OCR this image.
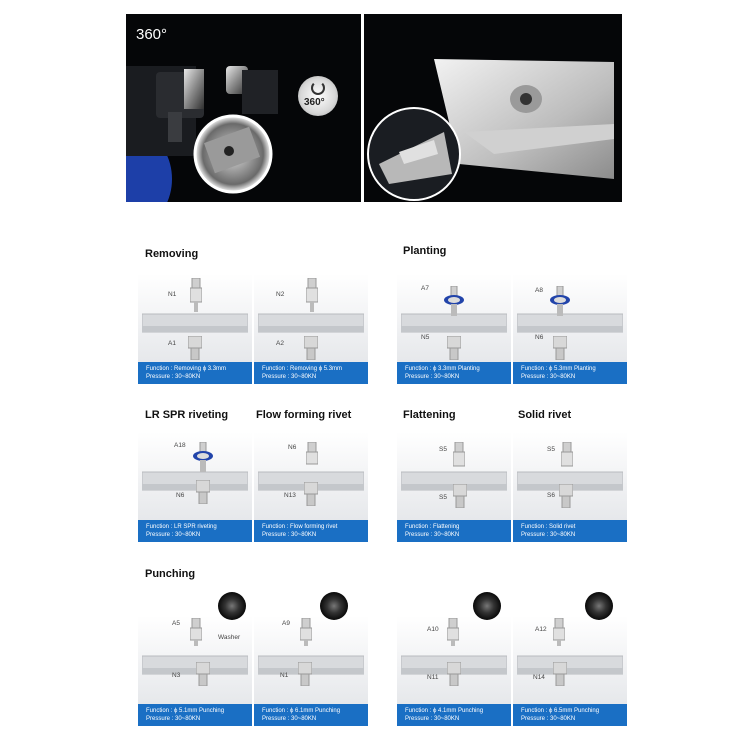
360°
360°
Removing	Planting
LR SPR riveting	Flow forming rivet	Flattening	Solid rivet
Punching
N1
A1
Function : Removing ϕ 3.3mm
Pressure : 30~80KN
N2
A2
Function : Removing ϕ 5.3mm
Pressure : 30~80KN
A7
N5
Function : ϕ 3.3mm Planting
Pressure : 30~80KN
A8
N6
Function : ϕ 5.3mm Planting
Pressure : 30~80KN
A18
N6
Function : LR SPR riveting
Pressure : 30~80KN
N6
N13
Function : Flow forming rivet
Pressure : 30~80KN
S5
S5
Function : Flattening
Pressure : 30~80KN
S5
S6
Function : Solid rivet
Pressure : 30~80KN
A5
Washer
N3
Function : ϕ 5.1mm Punching
Pressure : 30~80KN
A9
N1
Function : ϕ 6.1mm Punching
Pressure : 30~80KN
A10
N11
Function : ϕ 4.1mm Punching
Pressure : 30~80KN
A12
N14
Function : ϕ 6.5mm Punching
Pressure : 30~80KN
